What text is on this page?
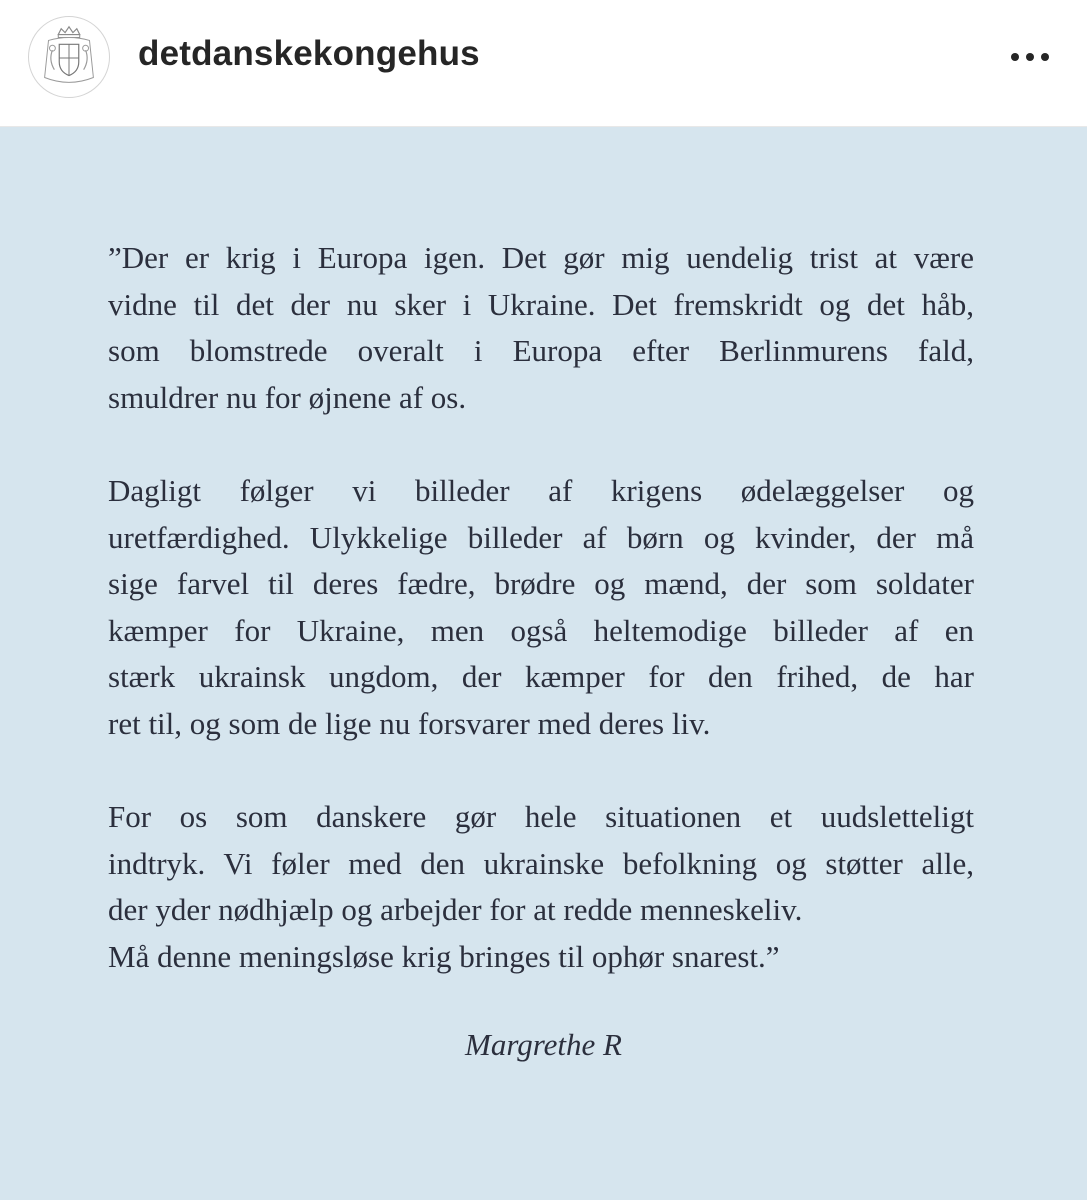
detdanskekongehus
”Der er krig i Europa igen. Det gør mig uendelig trist at være
vidne til det der nu sker i Ukraine. Det fremskridt og det håb,
som blomstrede overalt i Europa efter Berlinmurens fald,
smuldrer nu for øjnene af os.
Dagligt følger vi billeder af krigens ødelæggelser og
uretfærdighed. Ulykkelige billeder af børn og kvinder, der må
sige farvel til deres fædre, brødre og mænd, der som soldater
kæmper for Ukraine, men også heltemodige billeder af en
stærk ukrainsk ungdom, der kæmper for den frihed, de har
ret til, og som de lige nu forsvarer med deres liv.
For os som danskere gør hele situationen et uudsletteligt
indtryk. Vi føler med den ukrainske befolkning og støtter alle,
der yder nødhjælp og arbejder for at redde menneskeliv.
Må denne meningsløse krig bringes til ophør snarest.”
Margrethe R
